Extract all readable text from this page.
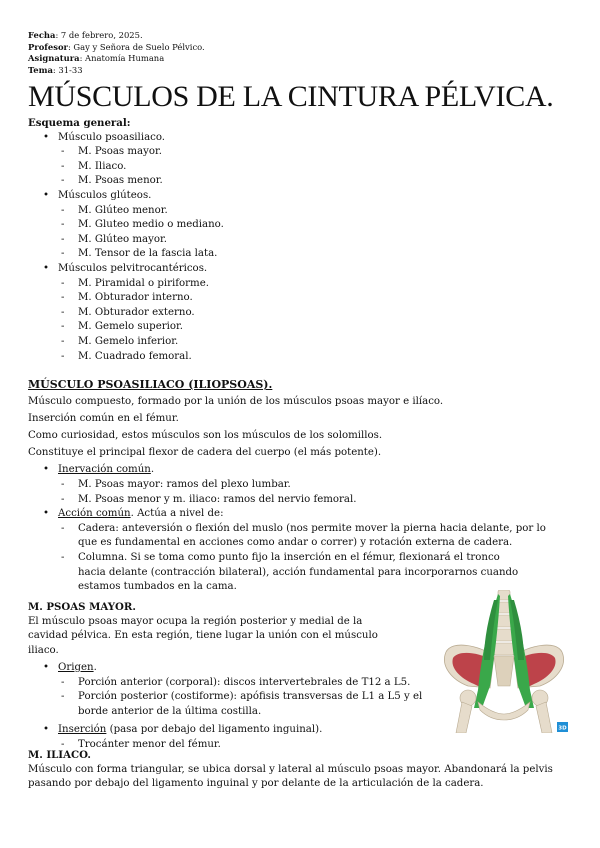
Fecha: 7 de febrero, 2025.
Profesor: Gay y Señora de Suelo Pélvico.
Asignatura: Anatomía Humana
Tema: 31-33
MÚSCULOS DE LA CINTURA PÉLVICA.
Esquema general:
• Músculo psoasiliaco.
- M. Psoas mayor.
- M. Iliaco.
- M. Psoas menor.
• Músculos glúteos.
- M. Glúteo menor.
- M. Gluteo medio o mediano.
- M. Glúteo mayor.
- M. Tensor de la fascia lata.
• Músculos pelvitrocantéricos.
- M. Piramidal o piriforme.
- M. Obturador interno.
- M. Obturador externo.
- M. Gemelo superior.
- M. Gemelo inferior.
- M. Cuadrado femoral.
MÚSCULO PSOASILIACO (ILIOPSOAS).

Músculo compuesto, formado por la unión de los músculos psoas mayor e ilíaco.

Inserción común en el fémur.

Como curiosidad, estos músculos son los músculos de los solomillos.

Constituye el principal flexor de cadera del cuerpo (el más potente).

• Inervación común.
- M. Psoas mayor: ramos del plexo lumbar.
- M. Psoas menor y m. iliaco: ramos del nervio femoral.
• Acción común. Actúa a nivel de:
- Cadera: anteversión o flexión del muslo (nos permite mover la pierna hacia delante, por lo que es fundamental en acciones como andar o correr) y rotación externa de cadera.
- Columna. Si se toma como punto fijo la inserción en el fémur, flexionará el tronco hacia delante (contracción bilateral), acción fundamental para incorporarnos cuando estamos tumbados en la cama.
M. PSOAS MAYOR.

El músculo psoas mayor ocupa la región posterior y medial de la cavidad pélvica. En esta región, tiene lugar la unión con el músculo iliaco.

• Origen.
- Porción anterior (corporal): discos intervertebrales de T12 a L5.
- Porción posterior (costiforme): apófisis transversas de L1 a L5 y el borde anterior de la última costilla.
• Inserción (pasa por debajo del ligamento inguinal).
- Trocánter menor del fémur.
3D
M. ILIACO.

Músculo con forma triangular, se ubica dorsal y lateral al músculo psoas mayor. Abandonará la pelvis pasando por debajo del ligamento inguinal y por delante de la articulación de la cadera.
